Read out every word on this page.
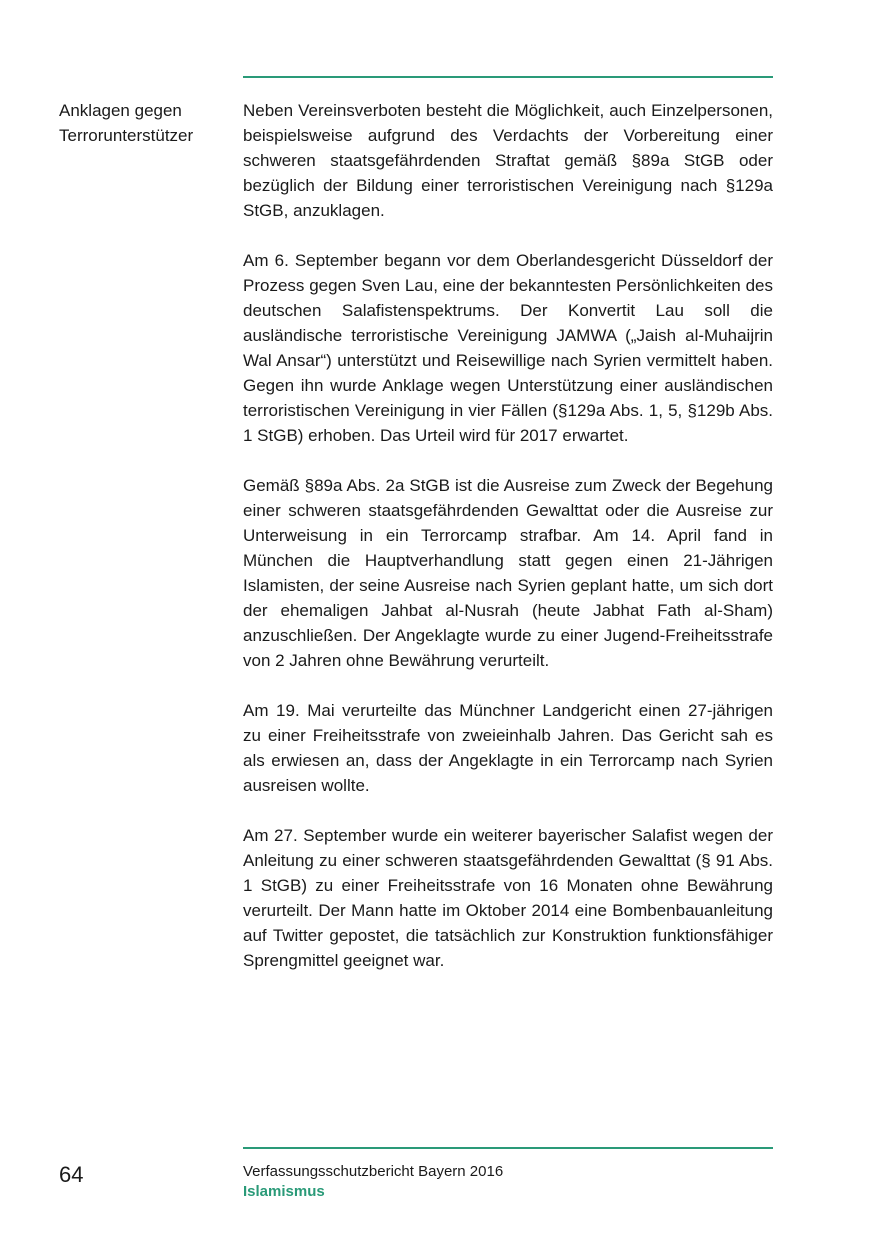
Anklagen gegen
Terrorunterstützer

Neben Vereinsverboten besteht die Möglichkeit, auch Einzelpersonen, beispielsweise aufgrund des Verdachts der Vorbereitung einer schweren staatsgefährdenden Straftat gemäß §89a StGB oder bezüglich der Bildung einer terroristischen Vereinigung nach §129a StGB, anzuklagen.

Am 6. September begann vor dem Oberlandesgericht Düsseldorf der Prozess gegen Sven Lau, eine der bekanntesten Persönlichkeiten des deutschen Salafistenspektrums. Der Konvertit Lau soll die ausländische terroristische Vereinigung JAMWA („Jaish al-Muhaijrin Wal Ansar“) unterstützt und Reisewillige nach Syrien vermittelt haben. Gegen ihn wurde Anklage wegen Unterstützung einer ausländischen terroristischen Vereinigung in vier Fällen (§129a Abs. 1, 5, §129b Abs. 1 StGB) erhoben. Das Urteil wird für 2017 erwartet.

Gemäß §89a Abs. 2a StGB ist die Ausreise zum Zweck der Begehung einer schweren staatsgefährdenden Gewalttat oder die Ausreise zur Unterweisung in ein Terrorcamp strafbar. Am 14. April fand in München die Hauptverhandlung statt gegen einen 21-Jährigen Islamisten, der seine Ausreise nach Syrien geplant hatte, um sich dort der ehemaligen Jahbat al-Nusrah (heute Jabhat Fath al-Sham) anzuschließen. Der Angeklagte wurde zu einer Jugend-Freiheitsstrafe von 2 Jahren ohne Bewährung verurteilt.

Am 19. Mai verurteilte das Münchner Landgericht einen 27-jährigen zu einer Freiheitsstrafe von zweieinhalb Jahren. Das Gericht sah es als erwiesen an, dass der Angeklagte in ein Terrorcamp nach Syrien ausreisen wollte.

Am 27. September wurde ein weiterer bayerischer Salafist wegen der Anleitung zu einer schweren staatsgefährdenden Gewalttat (§ 91 Abs. 1 StGB) zu einer Freiheitsstrafe von 16 Monaten ohne Bewährung verurteilt. Der Mann hatte im Oktober 2014 eine Bombenbauanleitung auf Twitter gepostet, die tatsächlich zur Konstruktion funktionsfähiger Sprengmittel geeignet war.

64	Verfassungsschutzbericht Bayern 2016
Islamismus
